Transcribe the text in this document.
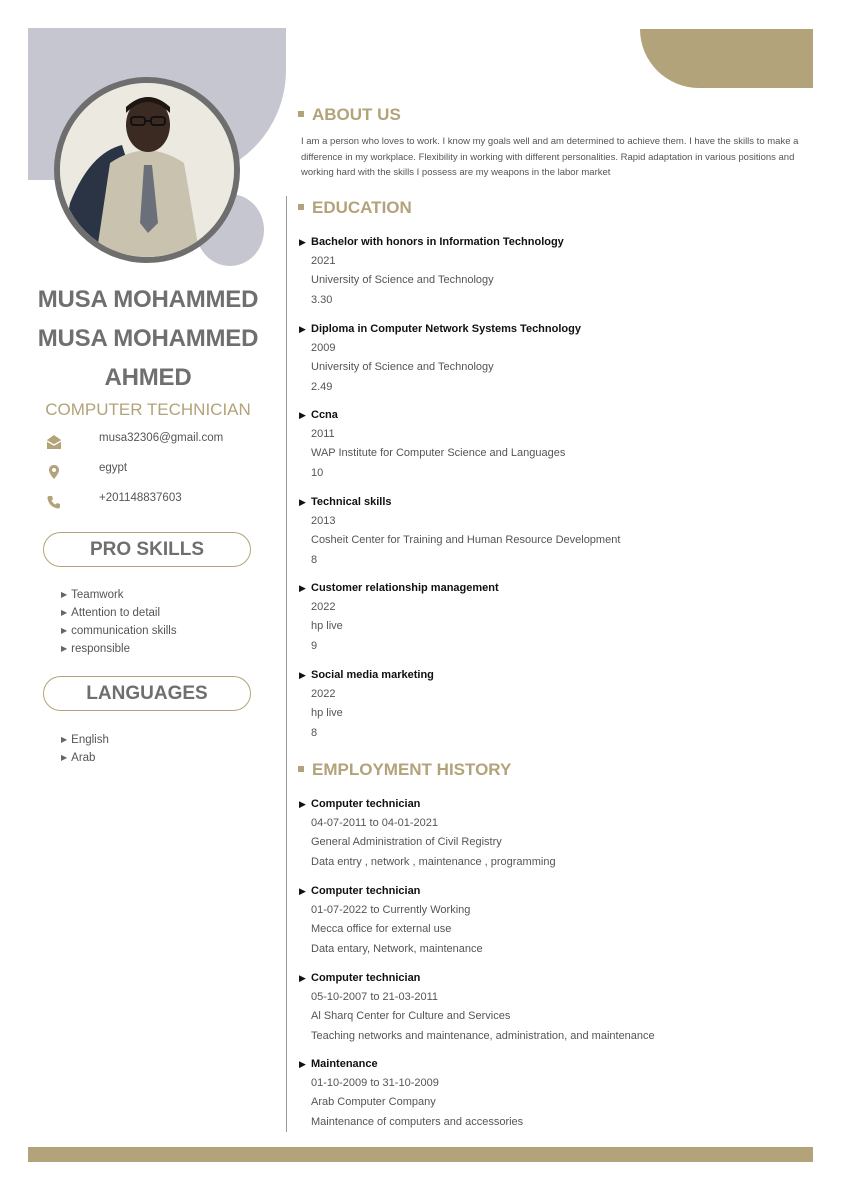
MUSA MOHAMMED
MUSA MOHAMMED
AHMED

COMPUTER TECHNICIAN

musa32306@gmail.com
egypt
+201148837603
PRO SKILLS
▶ Teamwork
▶ Attention to detail
▶ communication skills
▶ responsible
LANGUAGES
▶ English
▶ Arab
ABOUT US

I am a person who loves to work. I know my goals well and am determined to achieve them. I have the skills to make a difference in my workplace. Flexibility in working with different personalities. Rapid adaptation in various positions and working hard with the skills I possess are my weapons in the labor market

EDUCATION
▶ Bachelor with honors in Information Technology
2021
University of Science and Technology
3.30
▶ Diploma in Computer Network Systems Technology
2009
University of Science and Technology
2.49
▶ Ccna
2011
WAP Institute for Computer Science and Languages
10
▶ Technical skills
2013
Cosheit Center for Training and Human Resource Development
8
▶ Customer relationship management
2022
hp live
9
▶ Social media marketing
2022
hp live
8
EMPLOYMENT HISTORY
▶ Computer technician
04-07-2011 to 04-01-2021
General Administration of Civil Registry
Data entry , network , maintenance , programming
▶ Computer technician
01-07-2022 to Currently Working
Mecca office for external use
Data entary, Network, maintenance
▶ Computer technician
05-10-2007 to 21-03-2011
Al Sharq Center for Culture and Services
Teaching networks and maintenance, administration, and maintenance
▶ Maintenance
01-10-2009 to 31-10-2009
Arab Computer Company
Maintenance of computers and accessories
